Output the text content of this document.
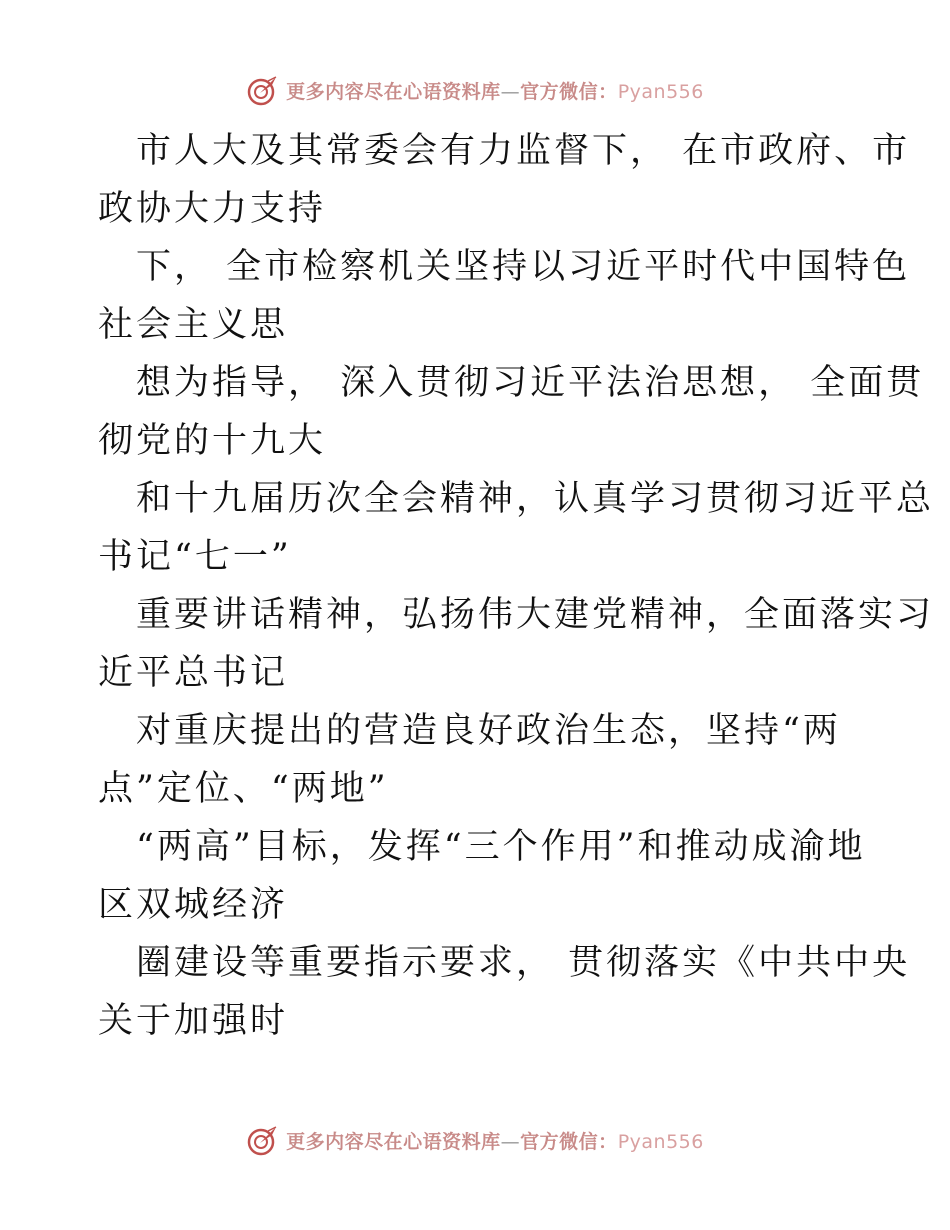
更多内容尽在心语资料库—官方微信：Pyan556
市人大及其常委会有力监督下， 在市政府、市
政协大力支持
下， 全市检察机关坚持以习近平时代中国特色
社会主义思
想为指导， 深入贯彻习近平法治思想， 全面贯
彻党的十九大
和十九届历次全会精神，认真学习贯彻习近平总
书记“七一”
重要讲话精神，弘扬伟大建党精神，全面落实习
近平总书记
对重庆提出的营造良好政治生态，坚持“两
点”定位、“两地”
“两高”目标，发挥“三个作用”和推动成渝地
区双城经济
圈建设等重要指示要求， 贯彻落实《中共中央
关于加强时
更多内容尽在心语资料库—官方微信：Pyan556
